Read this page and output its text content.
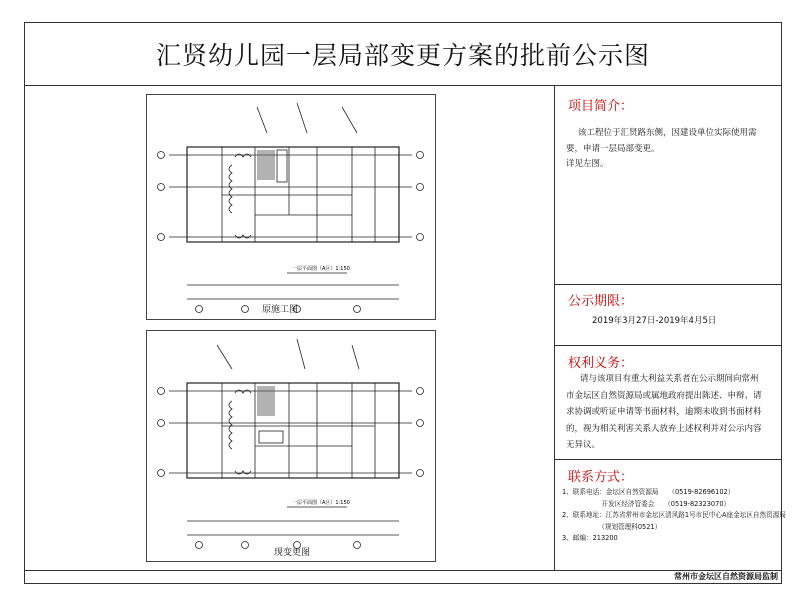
汇贤幼儿园一层局部变更方案的批前公示图
常州市金坛区自然资源局监制
一层平面图（A区）1:150
原施工图
一层平面图（A区）1:150
现变更图
项目简介：
该工程位于汇贤路东侧，因建设单位实际使用需
要，申请一层局部变更。
详见左图。
公示期限：
2019年3月27日-2019年4月5日
权利义务：
请与该项目有重大利益关系者在公示期间向常州
市金坛区自然资源局或属地政府提出陈述、申辩、请
求协调或听证申请等书面材料，逾期未收到书面材料
的，视为相关利害关系人放弃上述权利并对公示内容
无异议。
联系方式：
1、联系电话：金坛区自然资源局　　（0519-82696102）
　　　　　　开发区经济管委会　　（0519-82323070）
2、联系地址：江苏省常州市金坛区清风路1号市民中心A座金坛区自然资源局
　　　　　　（规划管理科0521）
3、邮编：213200
